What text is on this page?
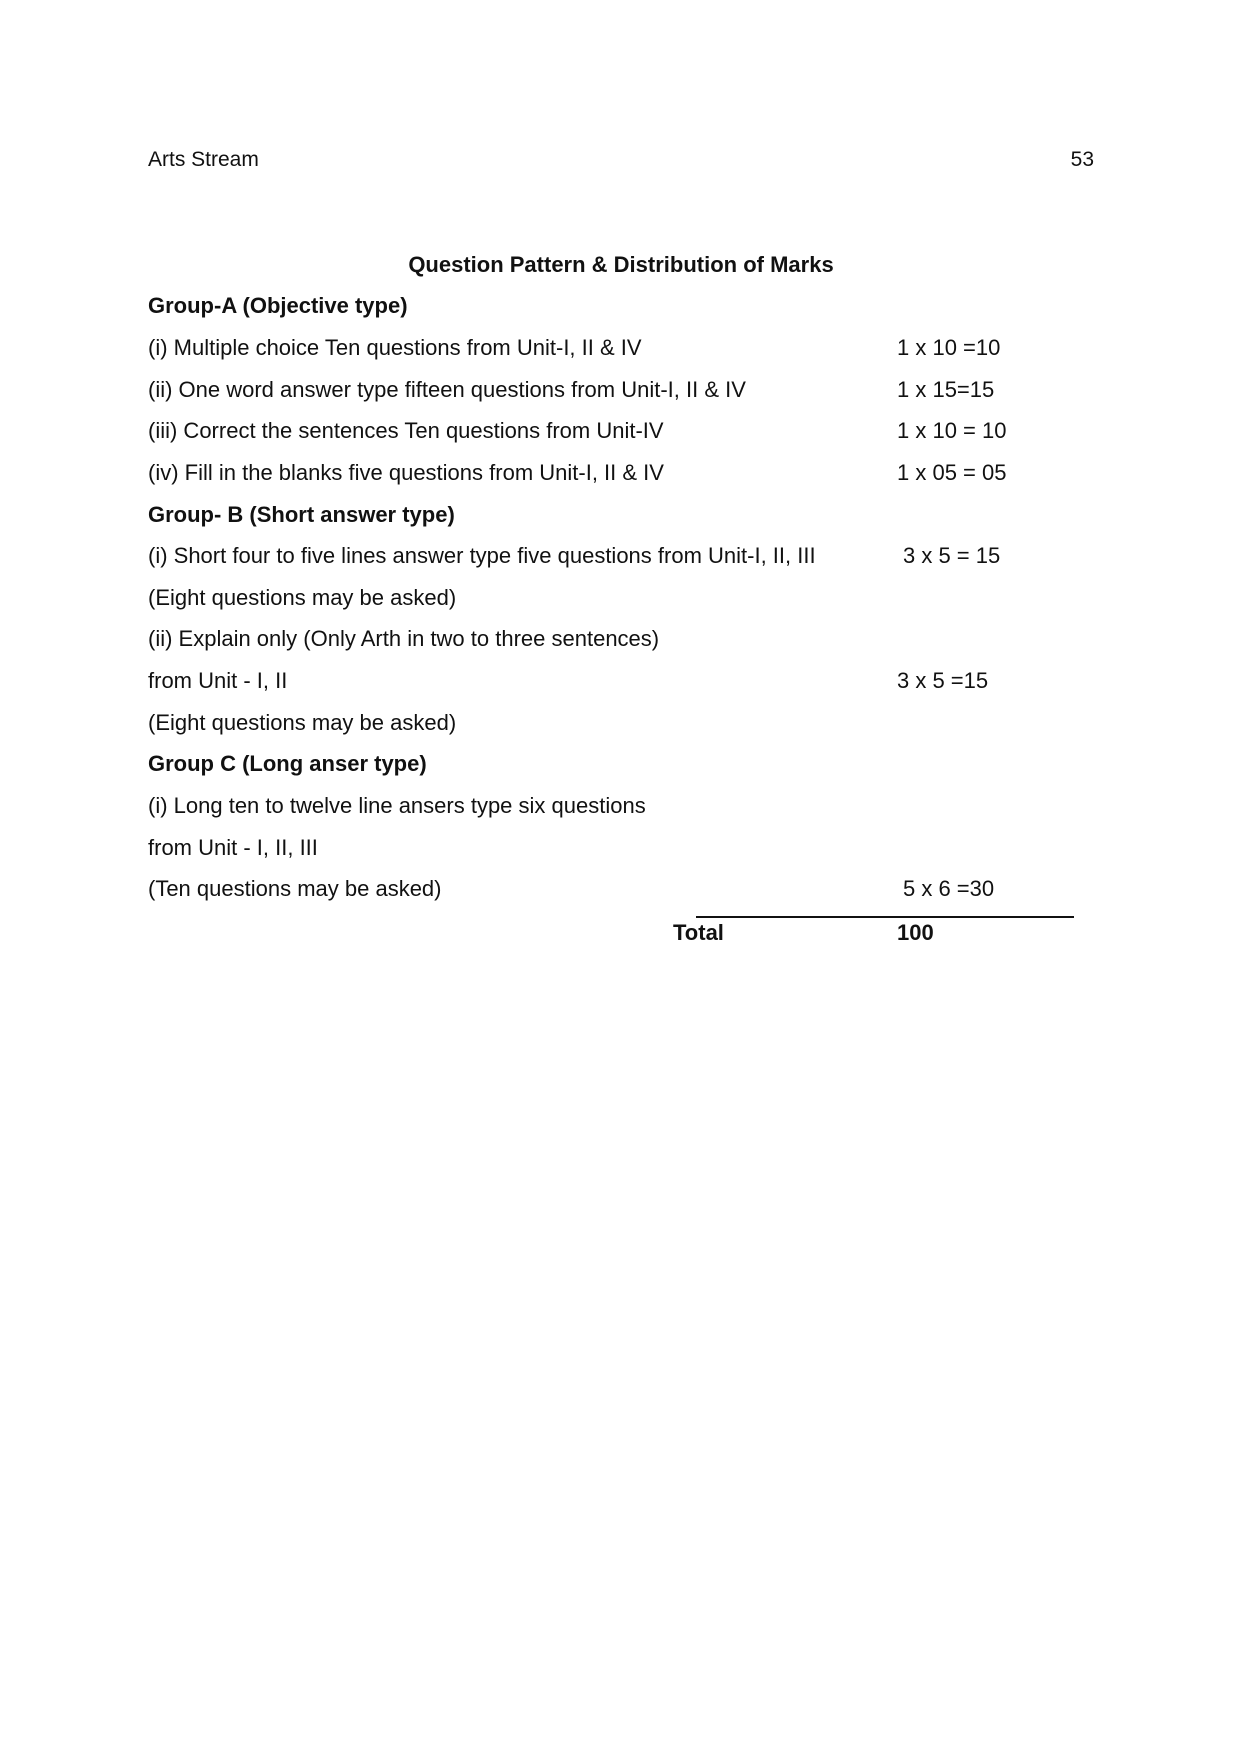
Arts Stream	53
Question Pattern & Distribution of Marks
Group-A (Objective type)
(i) Multiple choice Ten questions from Unit-I, II & IV	1 x 10 =10
(ii) One word answer type fifteen questions from Unit-I, II & IV	1 x 15=15
(iii) Correct the sentences Ten questions from Unit-IV	1 x 10 = 10
(iv) Fill in the blanks five questions from Unit-I, II & IV	1 x 05 = 05
Group- B (Short answer type)
(i) Short four to five lines answer type five questions from Unit-I, II, III	3 x 5 = 15
(Eight questions may be asked)
(ii) Explain only (Only Arth in two to three sentences)
from Unit - I, II	3 x 5 =15
(Eight questions may be asked)
Group C (Long anser type)
(i) Long ten to twelve line ansers type six questions
from Unit - I, II, III
(Ten questions may be asked)	5 x 6 =30
Total	100
